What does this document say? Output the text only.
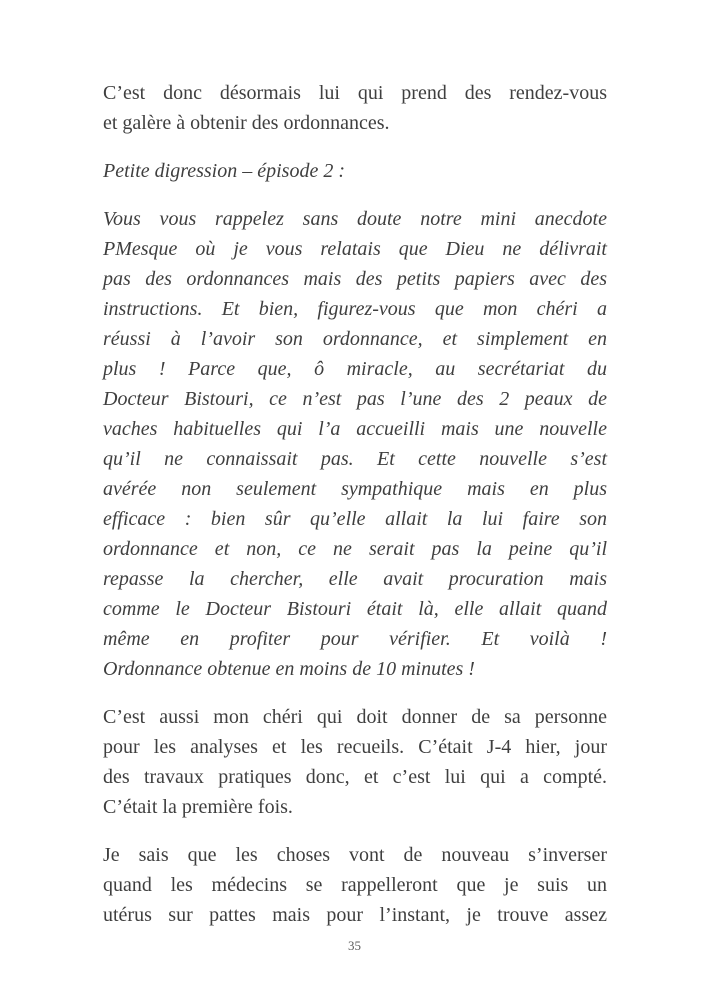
C’est donc désormais lui qui prend des rendez-vous
et galère à obtenir des ordonnances.
Petite digression – épisode 2 :
Vous vous rappelez sans doute notre mini anecdote
PMesque où je vous relatais que Dieu ne délivrait
pas des ordonnances mais des petits papiers avec des
instructions. Et bien, figurez-vous que mon chéri a
réussi à l’avoir son ordonnance, et simplement en
plus ! Parce que, ô miracle, au secrétariat du
Docteur Bistouri, ce n’est pas l’une des 2 peaux de
vaches habituelles qui l’a accueilli mais une nouvelle
qu’il ne connaissait pas. Et cette nouvelle s’est
avérée non seulement sympathique mais en plus
efficace : bien sûr qu’elle allait la lui faire son
ordonnance et non, ce ne serait pas la peine qu’il
repasse la chercher, elle avait procuration mais
comme le Docteur Bistouri était là, elle allait quand
même en profiter pour vérifier. Et voilà !
Ordonnance obtenue en moins de 10 minutes !
C’est aussi mon chéri qui doit donner de sa personne
pour les analyses et les recueils. C’était J-4 hier, jour
des travaux pratiques donc, et c’est lui qui a compté.
C’était la première fois.
Je sais que les choses vont de nouveau s’inverser
quand les médecins se rappelleront que je suis un
utérus sur pattes mais pour l’instant, je trouve assez
35
